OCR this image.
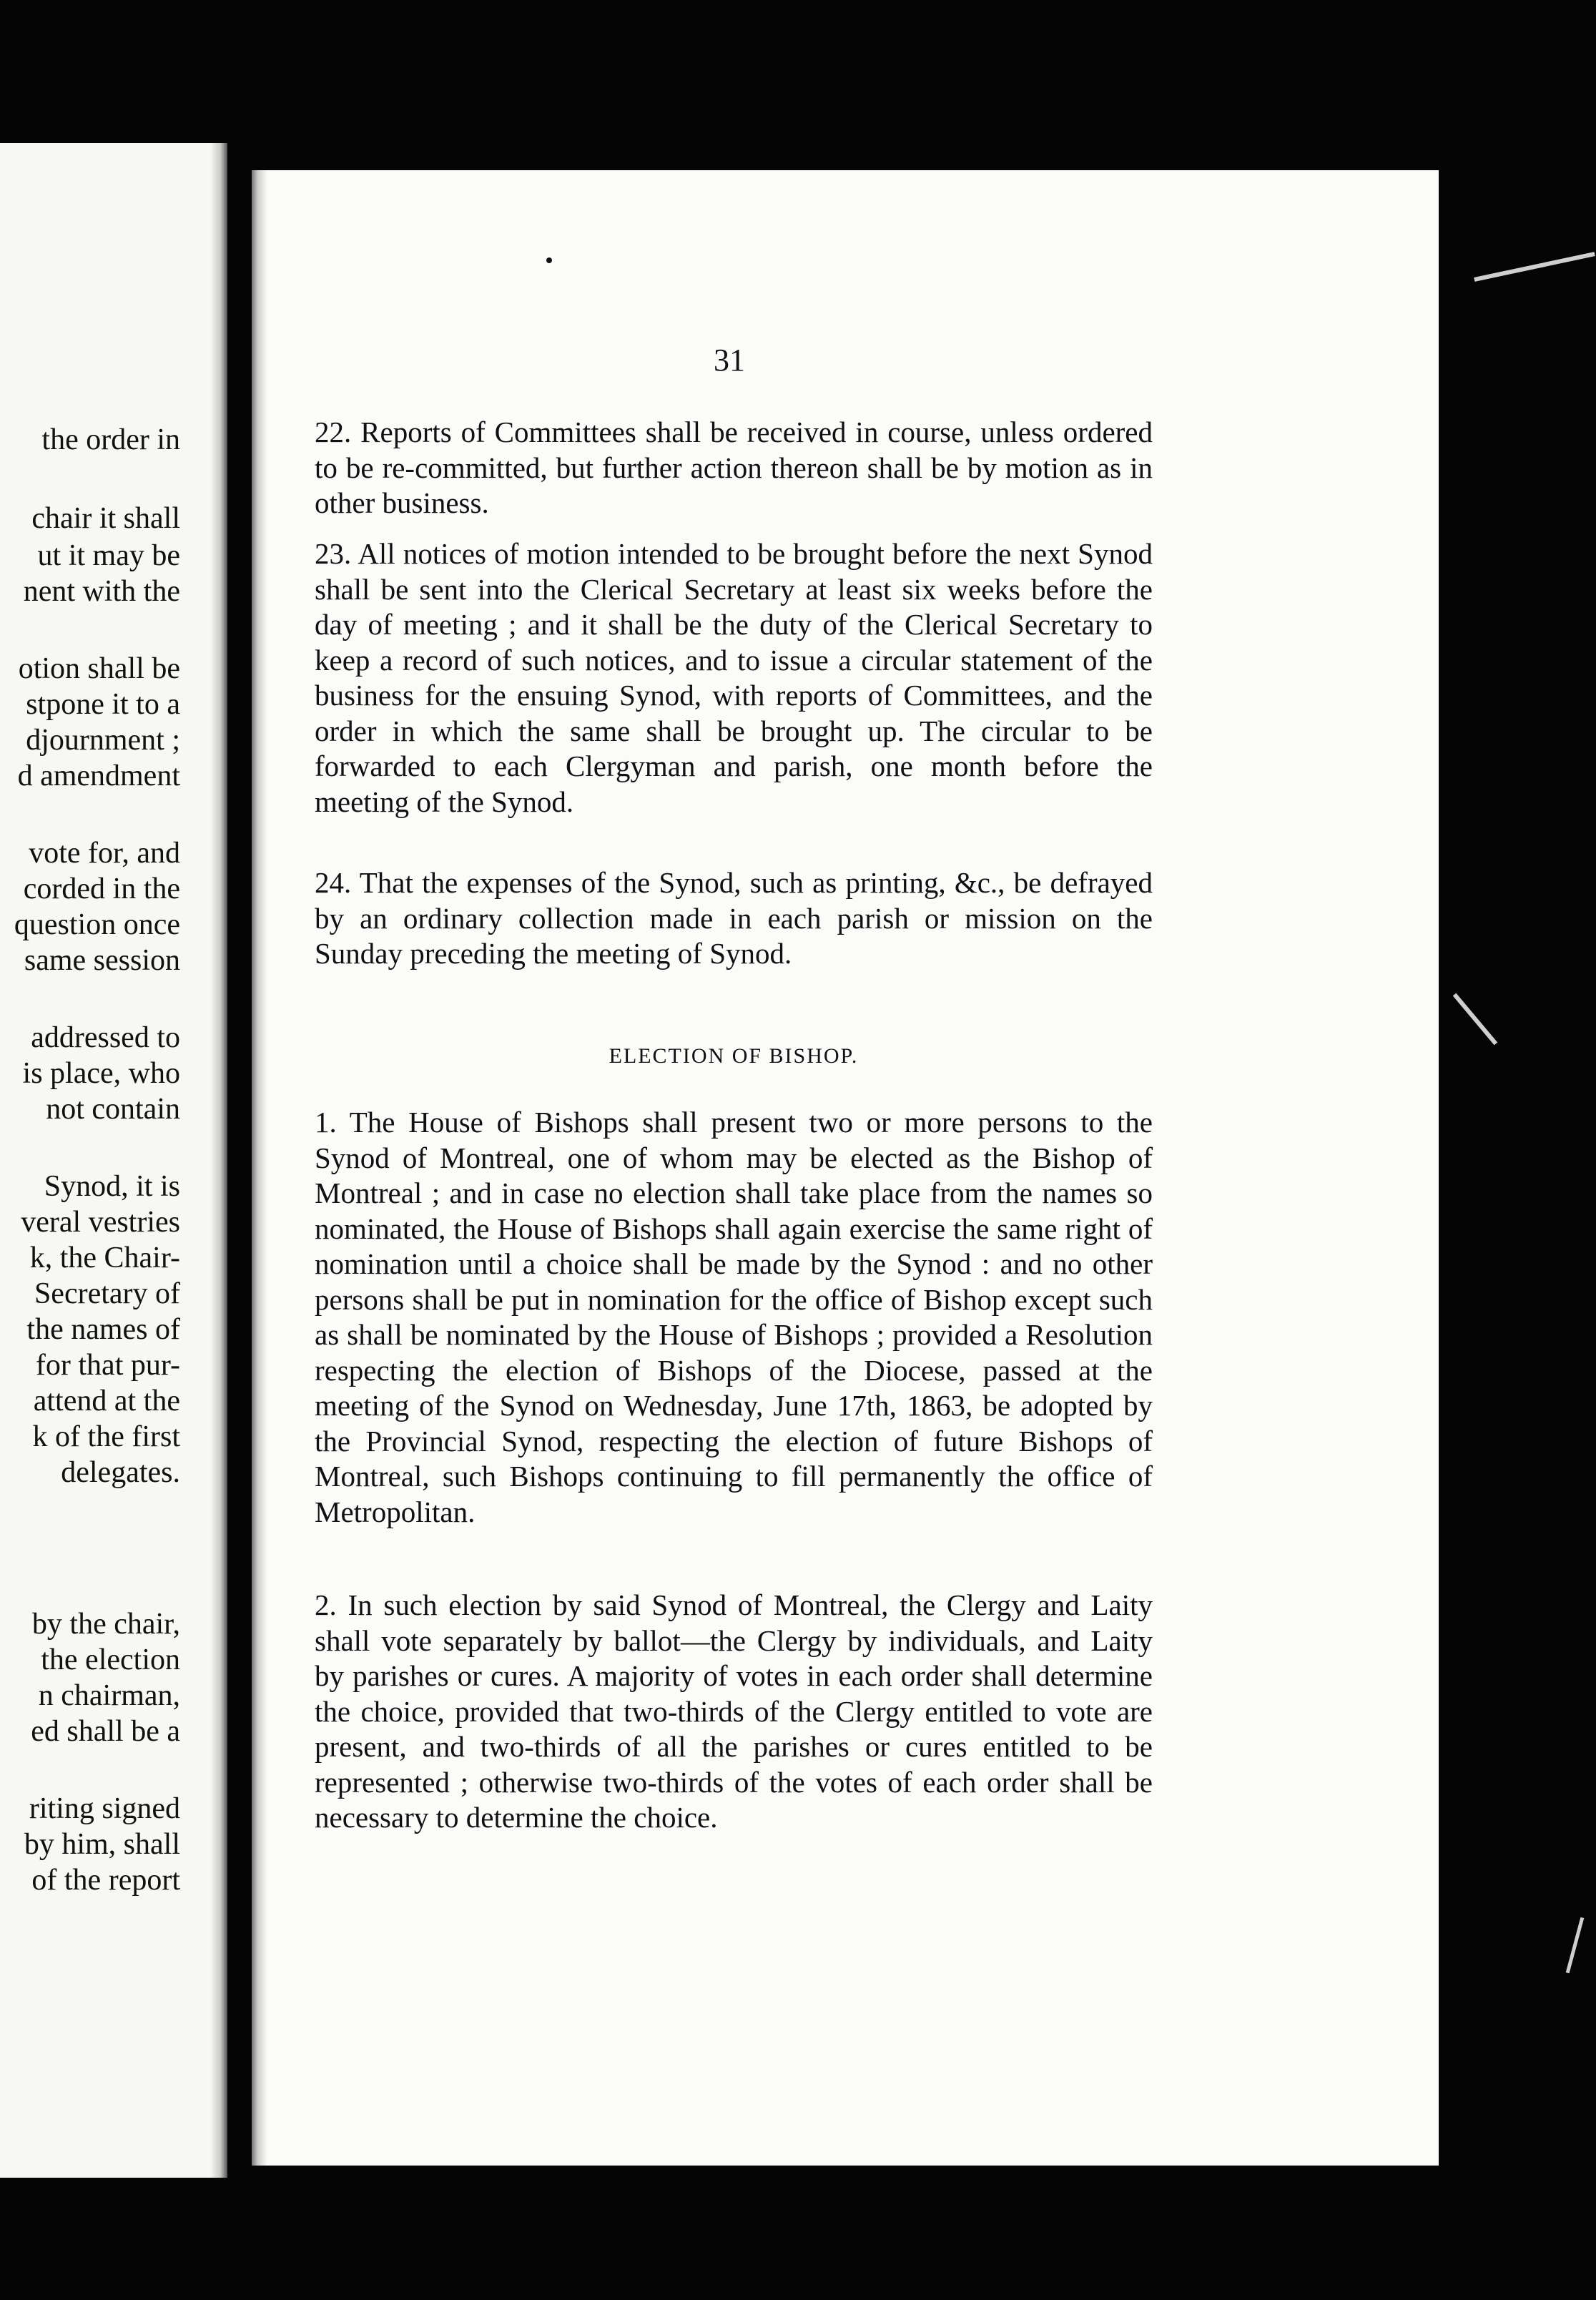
the order in
chair it shall
ut it may be
nent with the
otion shall be
stpone it to a
djournment ;
d amendment
vote for, and
corded in the
question once
same session
addressed to
is place, who
not contain
Synod, it is
veral vestries
k, the Chair-
Secretary of
the names of
for that pur-
attend at the
k of the first
delegates.
by the chair,
the election
n chairman,
ed shall be a
riting signed
by him, shall
of the report
31
22. Reports of Committees shall be received in course, unless ordered to be re-committed, but further action thereon shall be by motion as in other business.
23. All notices of motion intended to be brought before the next Synod shall be sent into the Clerical Secretary at least six weeks before the day of meeting ; and it shall be the duty of the Clerical Secretary to keep a record of such notices, and to issue a circular statement of the business for the ensuing Synod, with reports of Committees, and the order in which the same shall be brought up. The circular to be forwarded to each Clergyman and parish, one month before the meeting of the Synod.
24. That the expenses of the Synod, such as printing, &c., be defrayed by an ordinary collection made in each parish or mission on the Sunday preceding the meeting of Synod.
ELECTION OF BISHOP.
1. The House of Bishops shall present two or more persons to the Synod of Montreal, one of whom may be elected as the Bishop of Montreal ; and in case no election shall take place from the names so nominated, the House of Bishops shall again exercise the same right of nomination until a choice shall be made by the Synod : and no other persons shall be put in nomination for the office of Bishop except such as shall be nominated by the House of Bishops ; provided a Resolution respecting the election of Bishops of the Diocese, passed at the meeting of the Synod on Wednesday, June 17th, 1863, be adopted by the Provincial Synod, respecting the election of future Bishops of Montreal, such Bishops continuing to fill permanently the office of Metropolitan.
2. In such election by said Synod of Montreal, the Clergy and Laity shall vote separately by ballot—the Clergy by individuals, and Laity by parishes or cures. A majority of votes in each order shall determine the choice, provided that two-thirds of the Clergy entitled to vote are present, and two-thirds of all the parishes or cures entitled to be represented ; otherwise two-thirds of the votes of each order shall be necessary to determine the choice.
